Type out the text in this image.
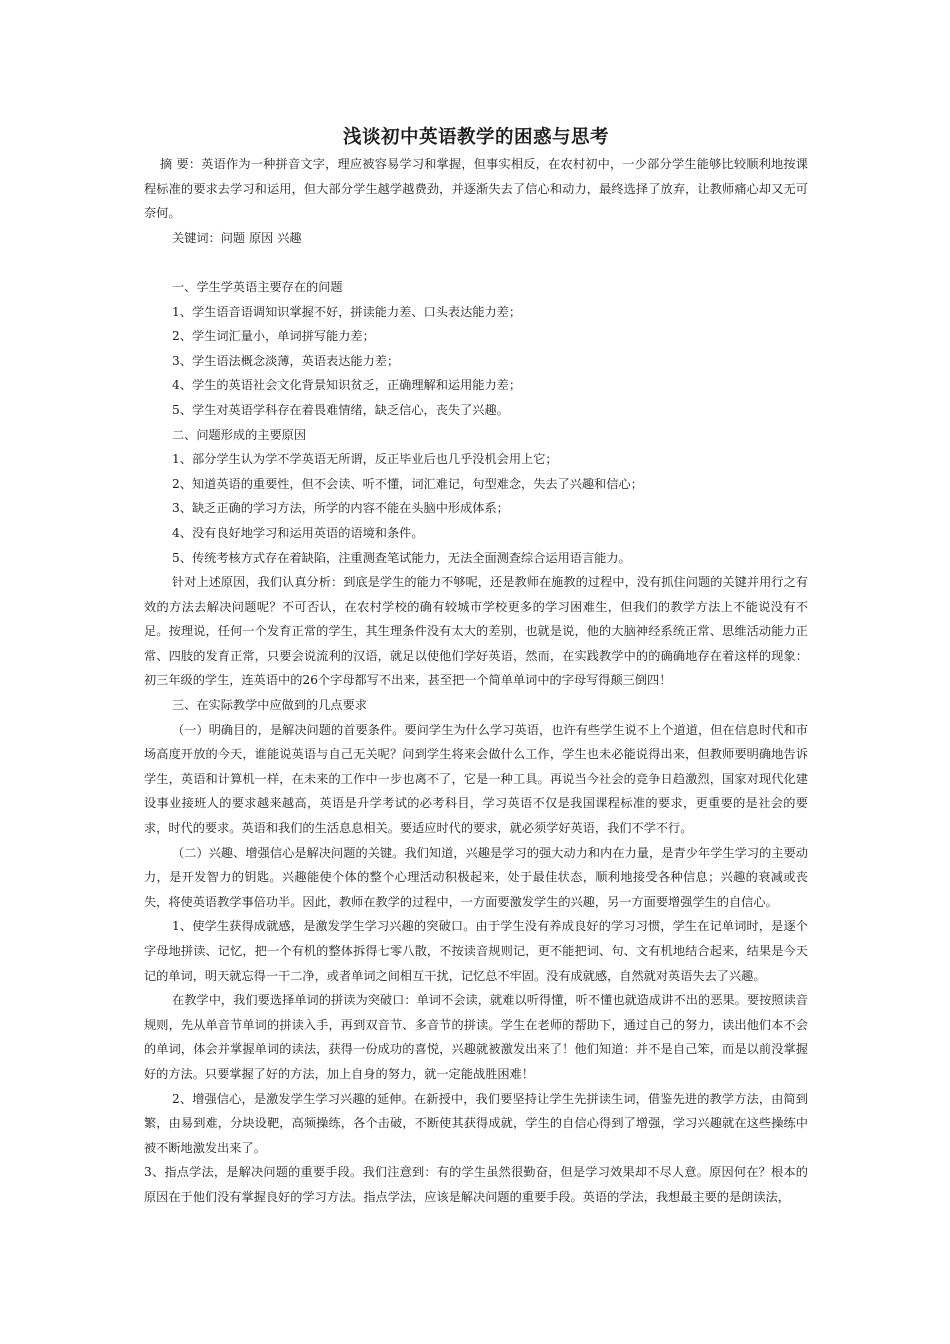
浅谈初中英语教学的困惑与思考

摘 要：英语作为一种拼音文字，理应被容易学习和掌握，但事实相反，在农村初中，一少部分学生能够比较顺利地按课程标准的要求去学习和运用，但大部分学生越学越费劲，并逐渐失去了信心和动力，最终选择了放弃，让教师痛心却又无可奈何。

关键词：问题 原因 兴趣

一、学生学英语主要存在的问题

1、学生语音语调知识掌握不好，拼读能力差、口头表达能力差；

2、学生词汇量小，单词拼写能力差；

3、学生语法概念淡薄，英语表达能力差；

4、学生的英语社会文化背景知识贫乏，正确理解和运用能力差；

5、学生对英语学科存在着畏难情绪，缺乏信心，丧失了兴趣。

二、问题形成的主要原因

1、部分学生认为学不学英语无所谓，反正毕业后也几乎没机会用上它；

2、知道英语的重要性，但不会读、听不懂，词汇难记，句型难念，失去了兴趣和信心；

3、缺乏正确的学习方法，所学的内容不能在头脑中形成体系；

4、没有良好地学习和运用英语的语境和条件。

5、传统考核方式存在着缺陷，注重测查笔试能力，无法全面测查综合运用语言能力。

针对上述原因，我们认真分析：到底是学生的能力不够呢，还是教师在施教的过程中，没有抓住问题的关键并用行之有效的方法去解决问题呢？不可否认，在农村学校的确有较城市学校更多的学习困难生，但我们的教学方法上不能说没有不足。按理说，任何一个发育正常的学生，其生理条件没有太大的差别，也就是说，他的大脑神经系统正常、思维活动能力正常、四肢的发育正常，只要会说流利的汉语，就足以使他们学好英语，然而，在实践教学中的的确确地存在着这样的现象：初三年级的学生，连英语中的26个字母都写不出来，甚至把一个简单单词中的字母写得颠三倒四！

三、在实际教学中应做到的几点要求

（一）明确目的，是解决问题的首要条件。要问学生为什么学习英语，也许有些学生说不上个道道，但在信息时代和市场高度开放的今天，谁能说英语与自己无关呢？问到学生将来会做什么工作，学生也未必能说得出来，但教师要明确地告诉学生，英语和计算机一样，在未来的工作中一步也离不了，它是一种工具。再说当今社会的竞争日趋激烈，国家对现代化建设事业接班人的要求越来越高，英语是升学考试的必考科目，学习英语不仅是我国课程标准的要求，更重要的是社会的要求，时代的要求。英语和我们的生活息息相关。要适应时代的要求，就必须学好英语，我们不学不行。

（二）兴趣、增强信心是解决问题的关键。我们知道，兴趣是学习的强大动力和内在力量，是青少年学生学习的主要动力，是开发智力的钥匙。兴趣能使个体的整个心理活动积极起来，处于最佳状态，顺利地接受各种信息；兴趣的衰减或丧失，将使英语教学事倍功半。因此，教师在教学的过程中，一方面要激发学生的兴趣，另一方面要增强学生的自信心。

1、使学生获得成就感，是激发学生学习兴趣的突破口。由于学生没有养成良好的学习习惯，学生在记单词时，是逐个字母地拼读、记忆，把一个有机的整体拆得七零八散，不按读音规则记，更不能把词、句、文有机地结合起来，结果是今天记的单词，明天就忘得一干二净，或者单词之间相互干扰，记忆总不牢固。没有成就感，自然就对英语失去了兴趣。

在教学中，我们要选择单词的拼读为突破口：单词不会读，就难以听得懂，听不懂也就造成讲不出的恶果。要按照读音规则，先从单音节单词的拼读入手，再到双音节、多音节的拼读。学生在老师的帮助下，通过自己的努力，读出他们本不会的单词，体会并掌握单词的读法，获得一份成功的喜悦，兴趣就被激发出来了！他们知道：并不是自己笨，而是以前没掌握好的方法。只要掌握了好的方法，加上自身的努力，就一定能战胜困难！

2、增强信心，是激发学生学习兴趣的延伸。在新授中，我们要坚持让学生先拼读生词，借鉴先进的教学方法，由简到繁，由易到难，分块设靶，高频操练，各个击破，不断使其获得成就，学生的自信心得到了增强，学习兴趣就在这些操练中被不断地激发出来了。

3、指点学法，是解决问题的重要手段。我们注意到：有的学生虽然很勤奋，但是学习效果却不尽人意。原因何在？根本的原因在于他们没有掌握良好的学习方法。指点学法，应该是解决问题的重要手段。英语的学法，我想最主要的是朗读法，
